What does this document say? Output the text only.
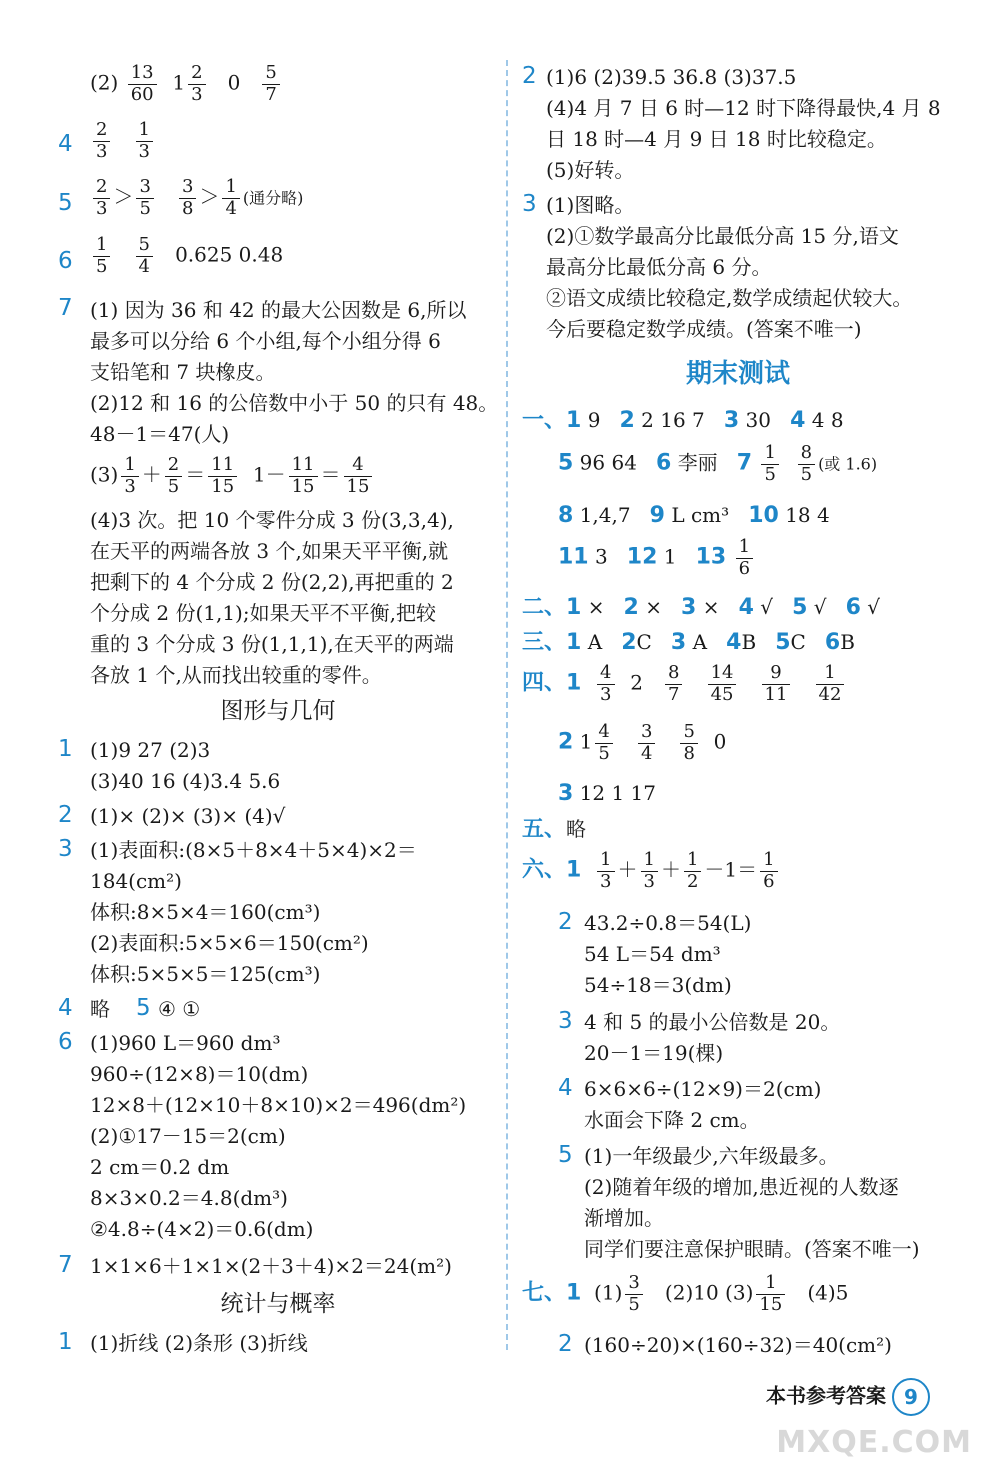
$(2) \frac{13}{60} 1 \frac{2}{3} 0 \frac{5}{7}$
$4 \frac{2}{3}$
$\frac{1}{3}$
$5 \frac{2}{3} > \frac{3}{5}$
$\frac{3}{8} > \frac{1}{4}$ (通分略)
$6 \frac{1}{5}$
$\frac{5}{4} 0.625$ 0.48
7 (1) 因为 36 和 42 的最大公因数是 6,所以
最多可以分给 6 个小组,每个小组分得 6
支铅笔和 7 块橡皮。
(2)12 和 16 的公倍数中小于 50 的只有 48。
48－1＝47(人)
$(3) \frac{1}{3} + \frac{2}{5} = \frac{11}{15} 1- \frac{11}{15} = \frac{4}{15}$
(4)3 次。把 10 个零件分成 3 份(3,3,4),
在天平的两端各放 3 个,如果天平平衡,就
把剩下的 4 个分成 2 份(2,2),再把重的 2
个分成 2 份(1,1);如果天平不平衡,把较
重的 3 个分成 3 份(1,1,1),在天平的两端
各放 1 个,从而找出较重的零件。
图形与几何
1 (1)9 27 (2)3
(3)40 16 (4)3.4 5.6
2 (1)× (2)× (3)× (4)√
3 (1)表面积:(8×5＋8×4＋5×4)×2＝
184(cm²)
体积:8×5×4＝160(cm³)
(2)表面积:5×5×6＝150(cm²)
体积:5×5×5＝125(cm³)
4 略 5 ④ ①
6 (1)960 L＝960 dm³
960÷(12×8)＝10(dm)
12×8＋(12×10＋8×10)×2＝496(dm²)
(2)①17－15＝2(cm)
2 cm＝0.2 dm
8×3×0.2＝4.8(dm³)
②4.8÷(4×2)＝0.6(dm)
7 1×1×6＋1×1×(2＋3＋4)×2＝24(m²)
统计与概率
1 (1)折线 (2)条形 (3)折线
2 (1)6 (2)39.5 36.8 (3)37.5
(4)4 月 7 日 6 时—12 时下降得最快,4 月 8
日 18 时—4 月 9 日 18 时比较稳定。
(5)好转。
3 (1)图略。
(2)①数学最高分比最低分高 15 分,语文
最高分比最低分高 6 分。
②语文成绩比较稳定,数学成绩起伏较大。
今后要稳定数学成绩。(答案不唯一)
期末测试
一、1 9 2 2 16 7 3 30 4 4 8
5 96 64 6 李丽 $7 \frac{1}{5}$
$\frac{8}{5}$ (或 1.6)
8 1,4,7 9 L cm³ 10 18 4
11 3 12 1 $13 \frac{1}{6}$
二、1 × 2 × 3 × 4 √ 5 √ 6 √
三、1 A 2C 3 A 4B 5C 6B
四、$1 \frac{4}{3} 2 \frac{8}{7}$
$\frac{14}{45}$
$\frac{9}{11}$
$\frac{1}{42}$
2 $1 \frac{4}{5}$
$\frac{3}{4}$
$\frac{5}{8} 0$
3 12 1 17
五、略
六、$1 \frac{1}{3} + \frac{1}{3} + \frac{1}{2} -1= \frac{1}{6}$
2 43.2÷0.8＝54(L)
54 L＝54 dm³
54÷18＝3(dm)
3 4 和 5 的最小公倍数是 20。
20－1＝19(棵)
4 6×6×6÷(12×9)＝2(cm)
水面会下降 2 cm。
5 (1)一年级最少,六年级最多。
(2)随着年级的增加,患近视的人数逐
渐增加。
同学们要注意保护眼睛。(答案不唯一)
七、1 $(1) \frac{3}{5} (2)10$ $(3) \frac{1}{15} (4)5$
2 (160÷20)×(160÷32)＝40(cm²)
本书参考答案 9
MXQE.COM
